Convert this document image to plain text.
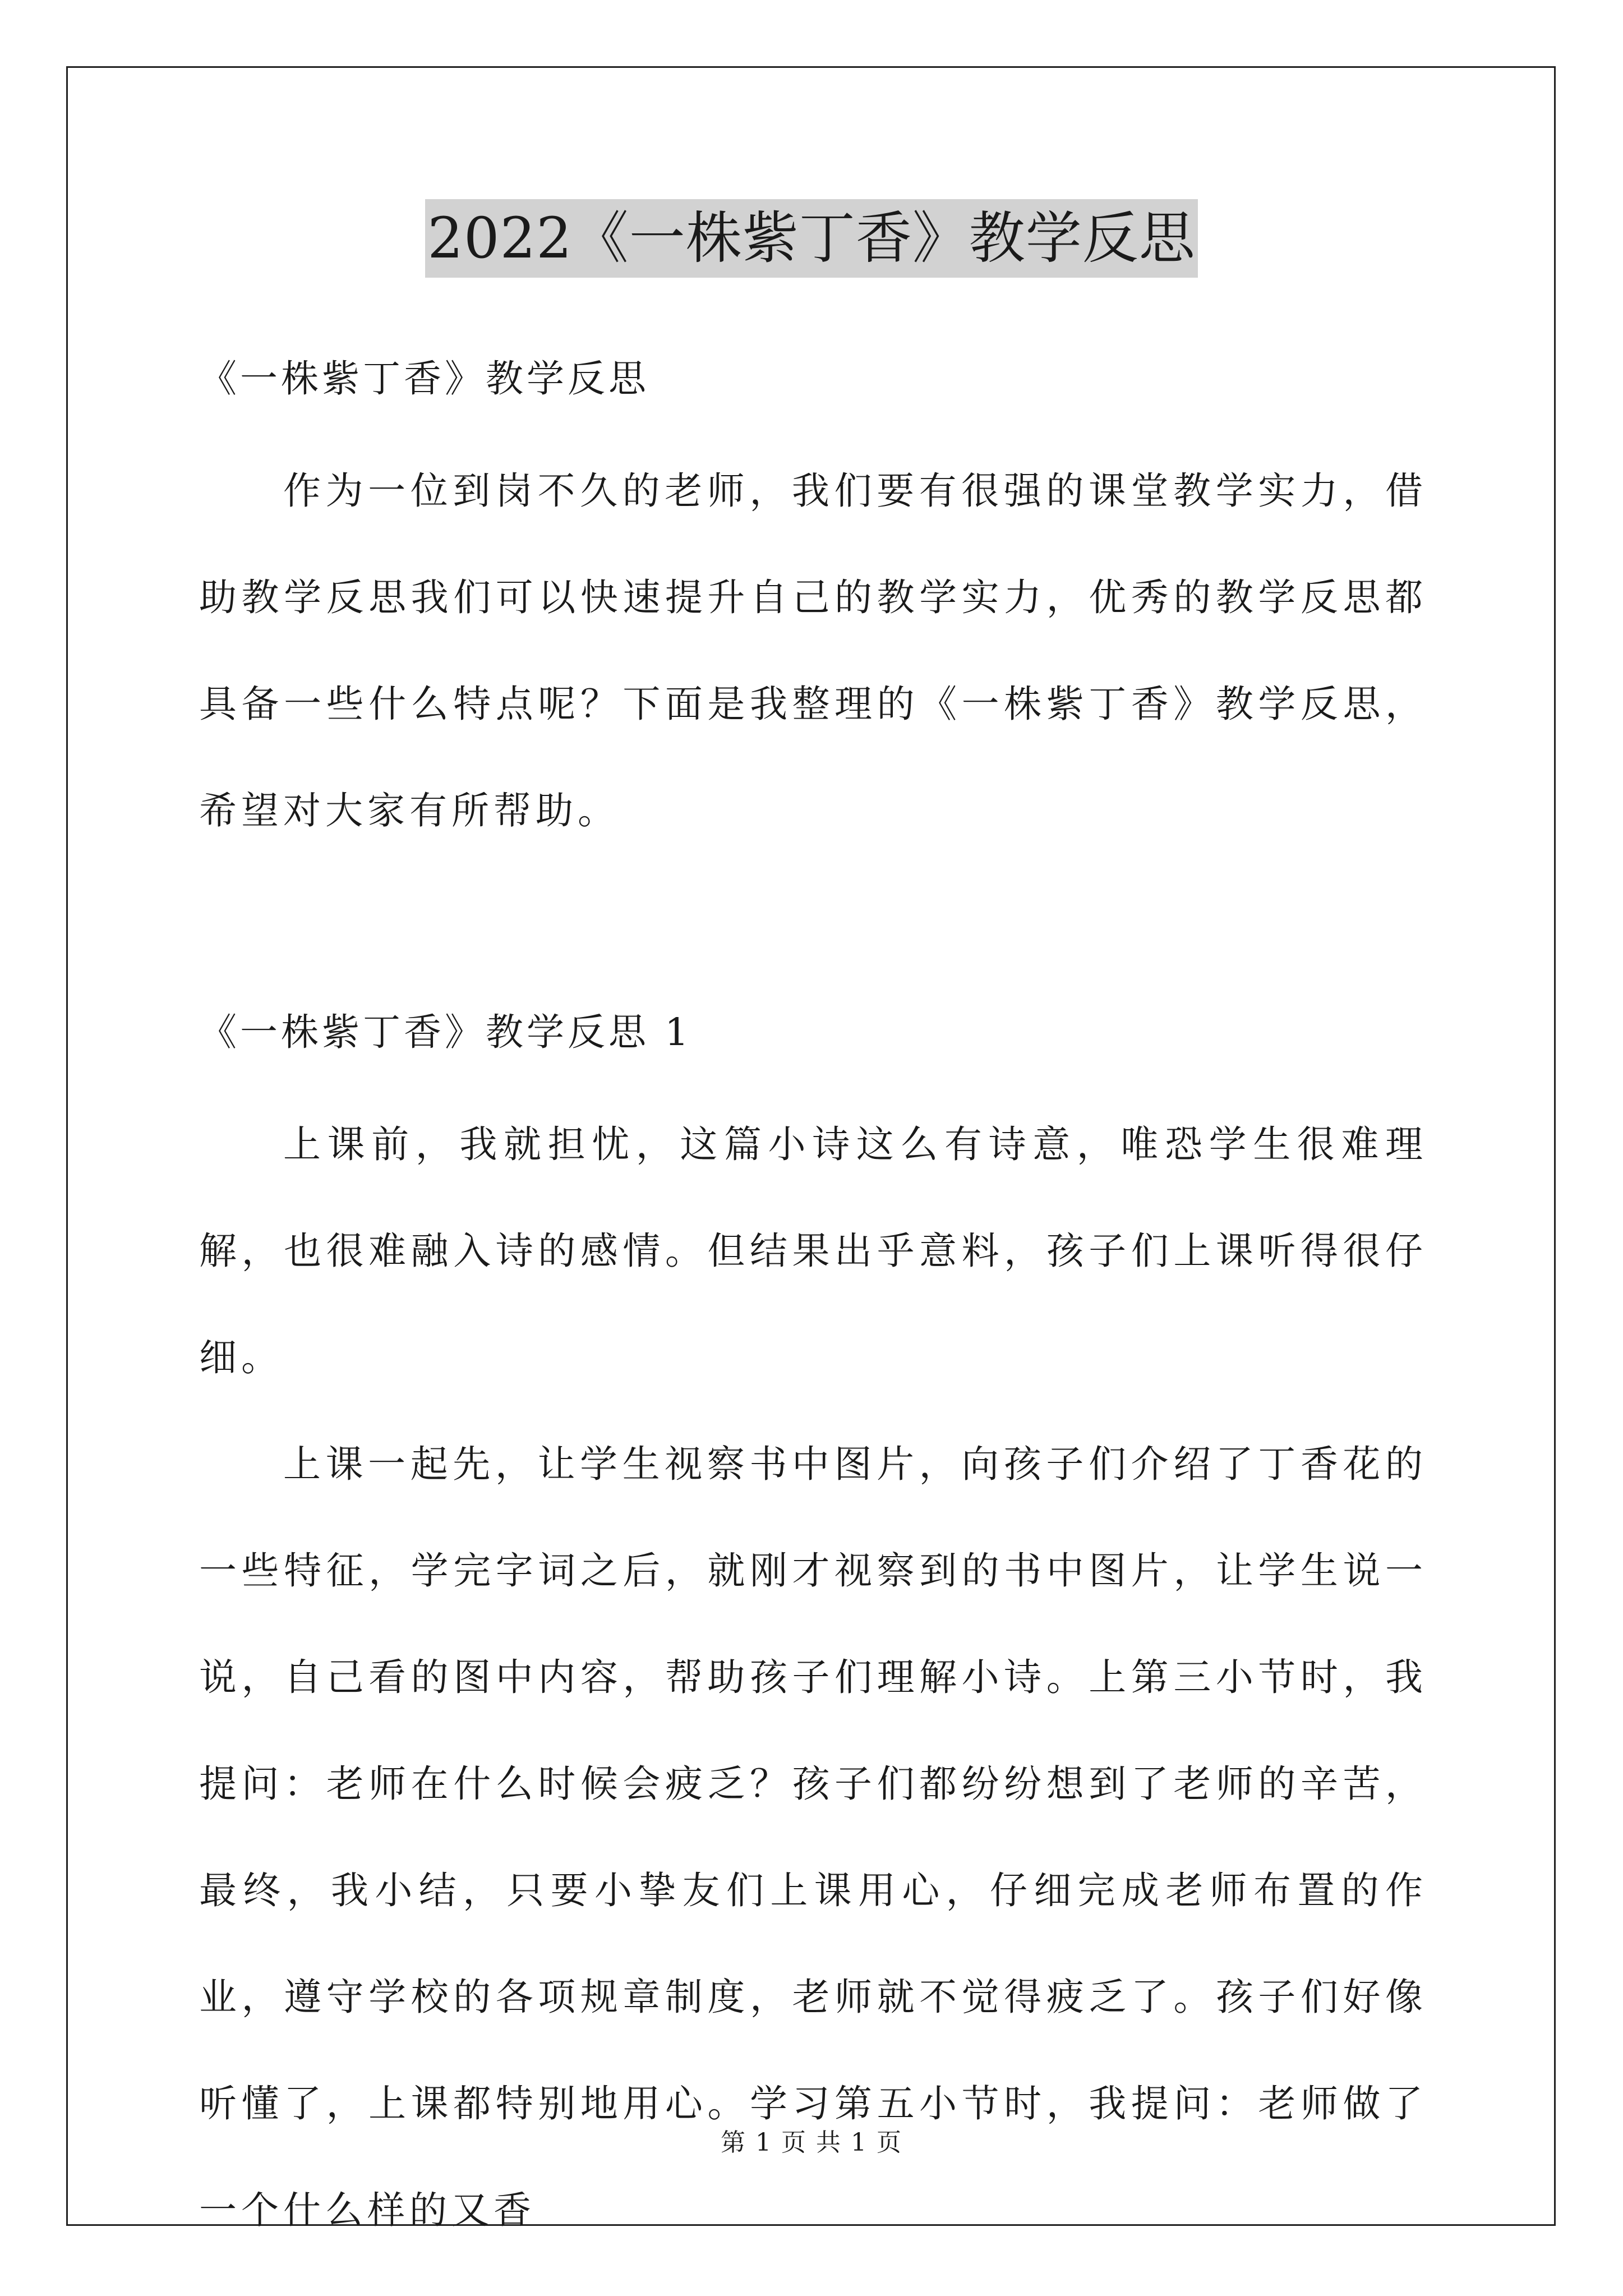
2022《一株紫丁香》教学反思
《一株紫丁香》教学反思

作为一位到岗不久的老师，我们要有很强的课堂教学实力，借助教学反思我们可以快速提升自己的教学实力，优秀的教学反思都具备一些什么特点呢？下面是我整理的《一株紫丁香》教学反思，希望对大家有所帮助。

《一株紫丁香》教学反思 1

上课前，我就担忧，这篇小诗这么有诗意，唯恐学生很难理解，也很难融入诗的感情。但结果出乎意料，孩子们上课听得很仔细。

上课一起先，让学生视察书中图片，向孩子们介绍了丁香花的一些特征，学完字词之后，就刚才视察到的书中图片，让学生说一说，自己看的图中内容，帮助孩子们理解小诗。上第三小节时，我提问：老师在什么时候会疲乏？孩子们都纷纷想到了老师的辛苦，最终，我小结，只要小挚友们上课用心，仔细完成老师布置的作业，遵守学校的各项规章制度，老师就不觉得疲乏了。孩子们好像听懂了，上课都特别地用心。学习第五小节时，我提问：老师做了一个什么样的又香

第 1 页 共 1 页
